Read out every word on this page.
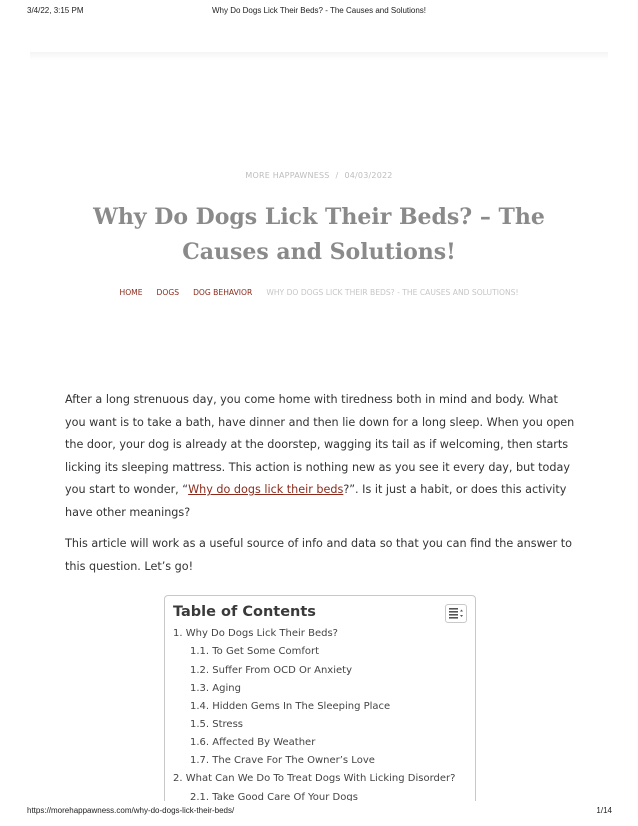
3/4/22, 3:15 PM	Why Do Dogs Lick Their Beds? - The Causes and Solutions!
MORE HAPPAWNESS / 04/03/2022
Why Do Dogs Lick Their Beds? – The Causes and Solutions!
HOME DOGS DOG BEHAVIOR WHY DO DOGS LICK THEIR BEDS? - THE CAUSES AND SOLUTIONS!

After a long strenuous day, you come home with tiredness both in mind and body. What you want is to take a bath, have dinner and then lie down for a long sleep. When you open the door, your dog is already at the doorstep, wagging its tail as if welcoming, then starts licking its sleeping mattress. This action is nothing new as you see it every day, but today you start to wonder, “Why do dogs lick their beds?”. Is it just a habit, or does this activity have other meanings?

This article will work as a useful source of info and data so that you can find the answer to this question. Let’s go!

Table of Contents
1. Why Do Dogs Lick Their Beds?
1.1. To Get Some Comfort
1.2. Suffer From OCD Or Anxiety
1.3. Aging
1.4. Hidden Gems In The Sleeping Place
1.5. Stress
1.6. Affected By Weather
1.7. The Crave For The Owner’s Love
2. What Can We Do To Treat Dogs With Licking Disorder?
2.1. Take Good Care Of Your Dogs
https://morehappawness.com/why-do-dogs-lick-their-beds/	1/14
